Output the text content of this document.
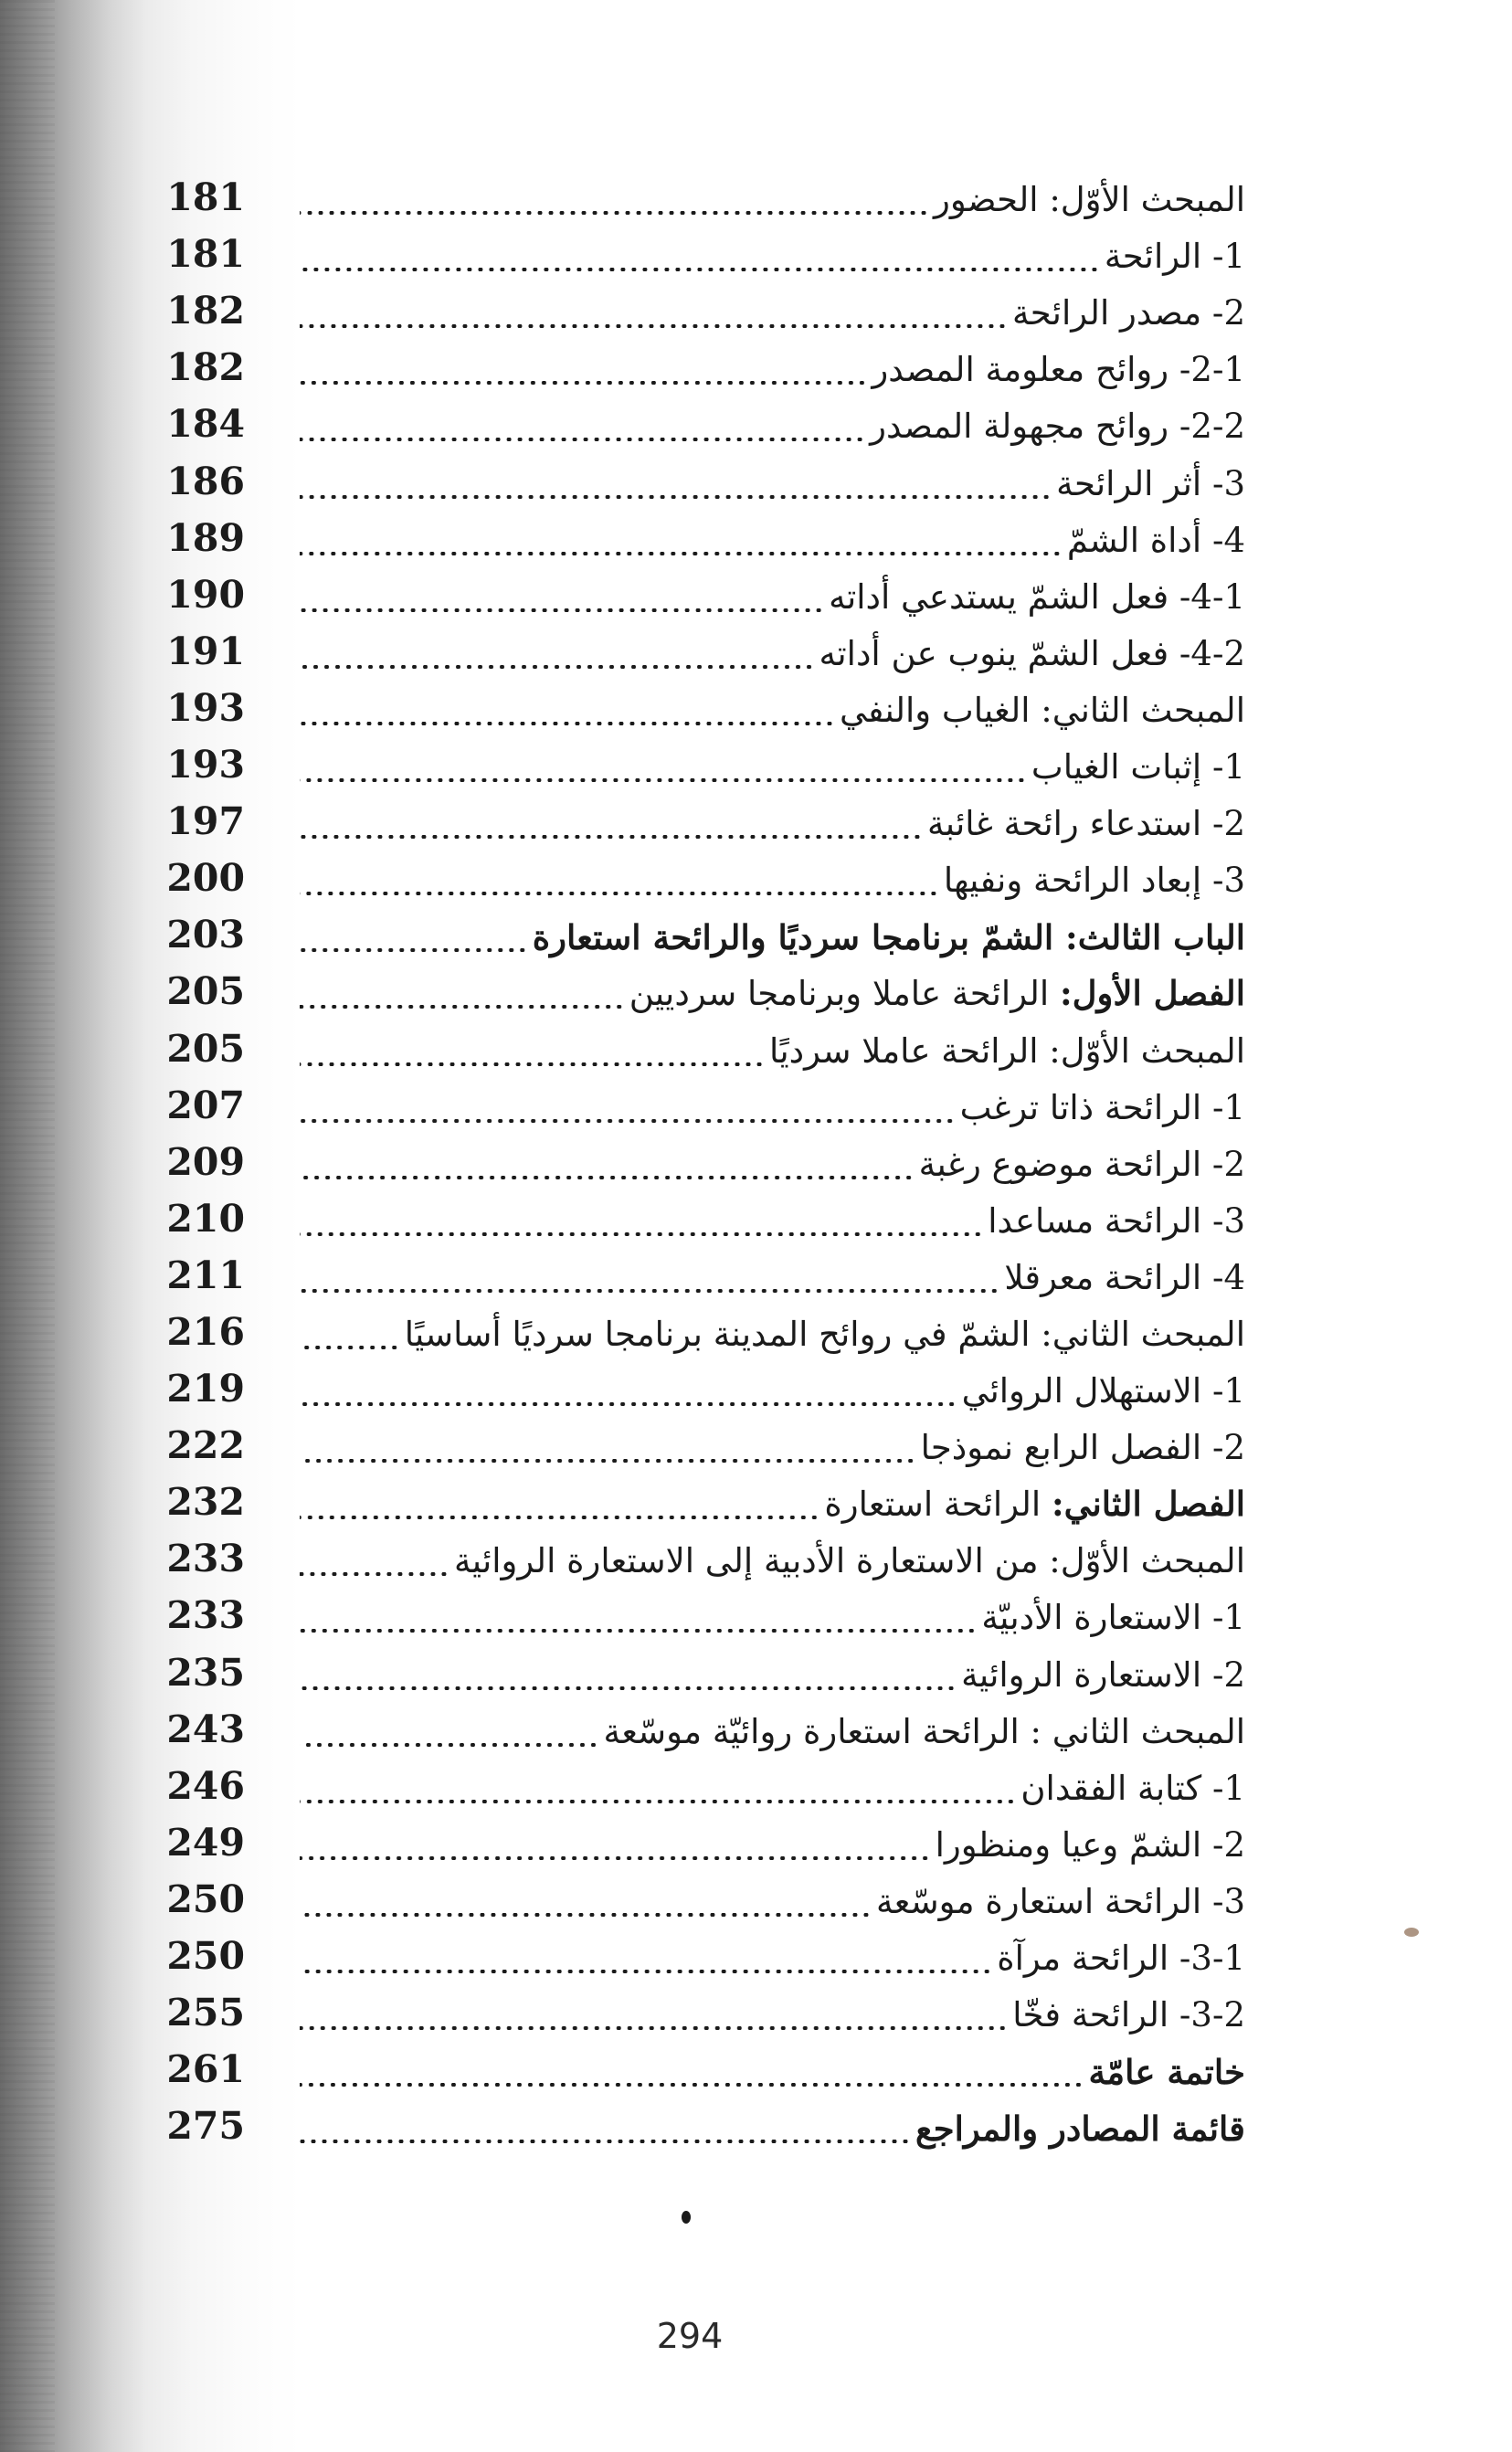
181	المبحث الأوّل: الحضور
181	1- الرائحة
182	2- مصدر الرائحة
182	2-1- روائح معلومة المصدر
184	2-2- روائح مجهولة المصدر
186	3- أثر الرائحة
189	4- أداة الشمّ
190	4-1- فعل الشمّ يستدعي أداته
191	4-2- فعل الشمّ ينوب عن أداته
193	المبحث الثاني: الغياب والنفي
193	1- إثبات الغياب
197	2- استدعاء رائحة غائبة
200	3- إبعاد الرائحة ونفيها
203	الباب الثالث: الشمّ برنامجا سرديًا والرائحة استعارة
205	الفصل الأول: الرائحة عاملا وبرنامجا سرديين
205	المبحث الأوّل: الرائحة عاملا سرديًا
207	1- الرائحة ذاتا ترغب
209	2- الرائحة موضوع رغبة
210	3- الرائحة مساعدا
211	4- الرائحة معرقلا
216	المبحث الثاني: الشمّ في روائح المدينة برنامجا سرديًا أساسيًا
219	1- الاستهلال الروائي
222	2- الفصل الرابع نموذجا
232	الفصل الثاني: الرائحة استعارة
233	المبحث الأوّل: من الاستعارة الأدبية إلى الاستعارة الروائية
233	1- الاستعارة الأدبيّة
235	2- الاستعارة الروائية
243	المبحث الثاني : الرائحة استعارة روائيّة موسّعة
246	1- كتابة الفقدان
249	2- الشمّ وعيا ومنظورا
250	3- الرائحة استعارة موسّعة
250	3-1- الرائحة مرآة
255	3-2- الرائحة فخّا
261	خاتمة عامّة
275	قائمة المصادر والمراجع
294
